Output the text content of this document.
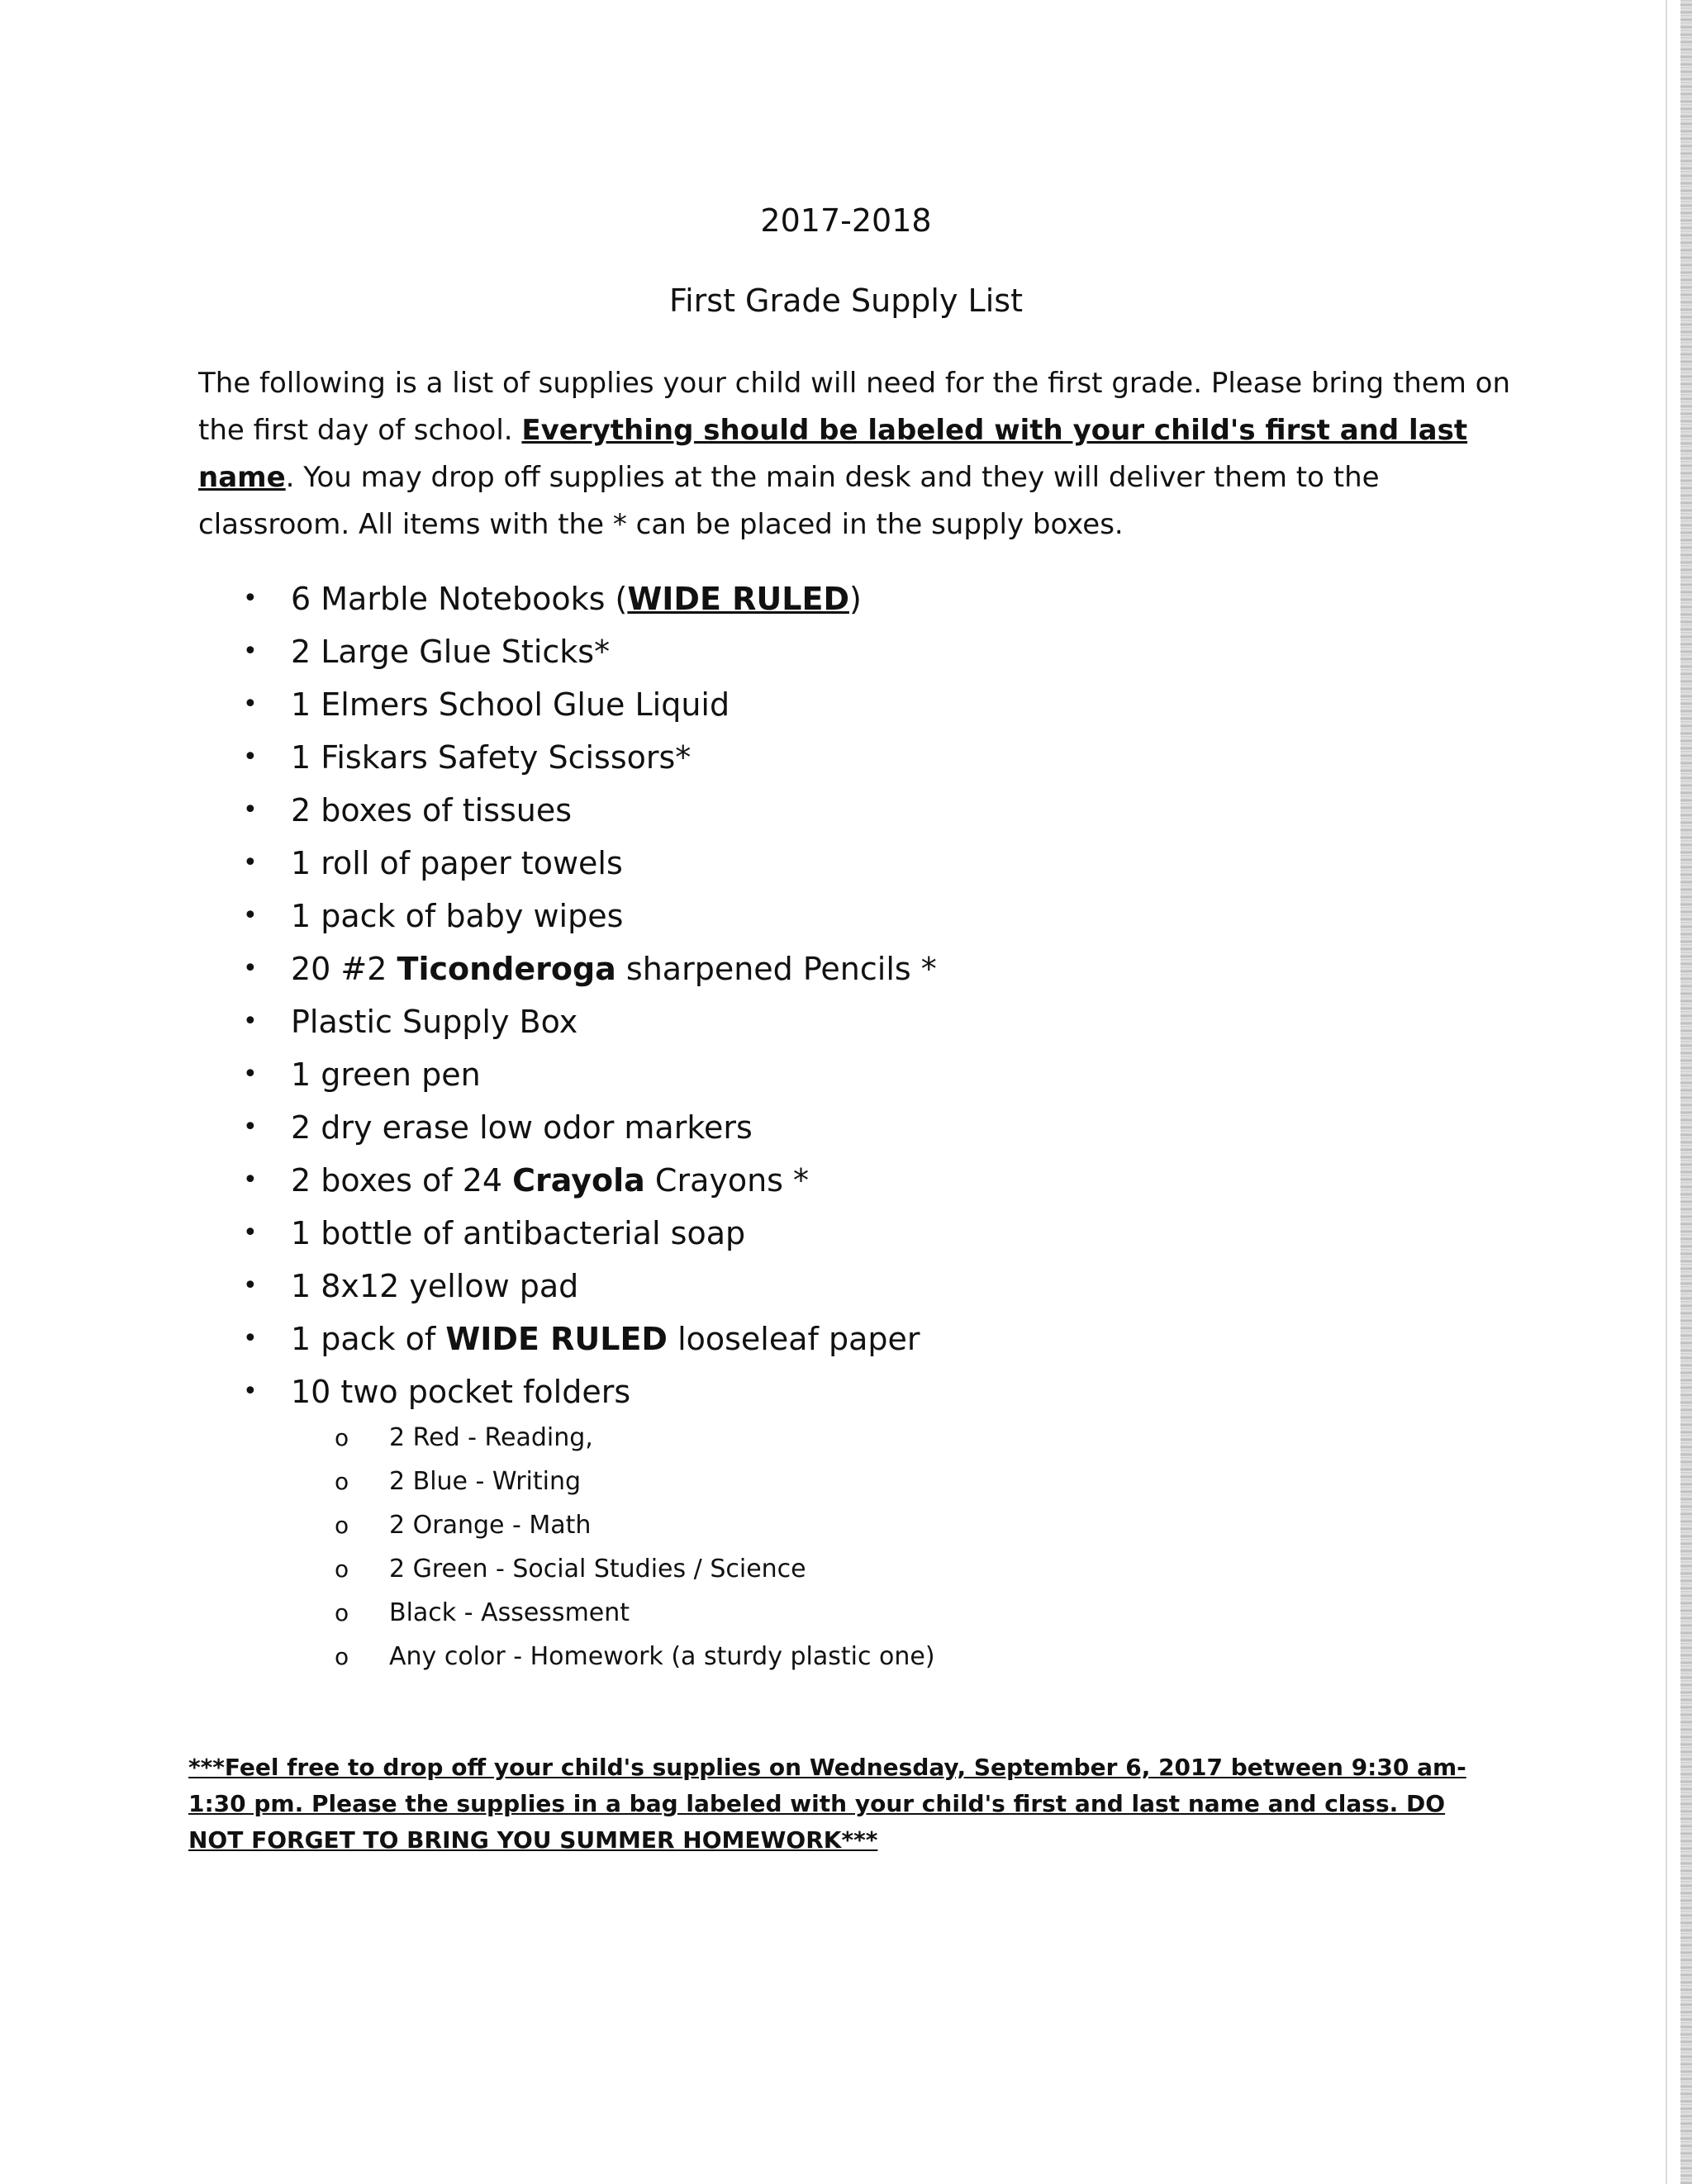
2017-2018
First Grade Supply List
The following is a list of supplies your child will need for the first grade. Please bring them on the first day of school. Everything should be labeled with your child's first and last name. You may drop off supplies at the main desk and they will deliver them to the classroom. All items with the * can be placed in the supply boxes.
• 6 Marble Notebooks (WIDE RULED)
• 2 Large Glue Sticks*
• 1 Elmers School Glue Liquid
• 1 Fiskars Safety Scissors*
• 2 boxes of tissues
• 1 roll of paper towels
• 1 pack of baby wipes
• 20 #2 Ticonderoga sharpened Pencils *
• Plastic Supply Box
• 1 green pen
• 2 dry erase low odor markers
• 2 boxes of 24 Crayola Crayons *
• 1 bottle of antibacterial soap
• 1 8x12 yellow pad
• 1 pack of WIDE RULED looseleaf paper
• 10 two pocket folders
o 2 Red - Reading,
o 2 Blue - Writing
o 2 Orange - Math
o 2 Green - Social Studies / Science
o Black - Assessment
o Any color - Homework (a sturdy plastic one)
***Feel free to drop off your child's supplies on Wednesday, September 6, 2017 between 9:30 am- 1:30 pm. Please the supplies in a bag labeled with your child's first and last name and class. DO NOT FORGET TO BRING YOU SUMMER HOMEWORK***
